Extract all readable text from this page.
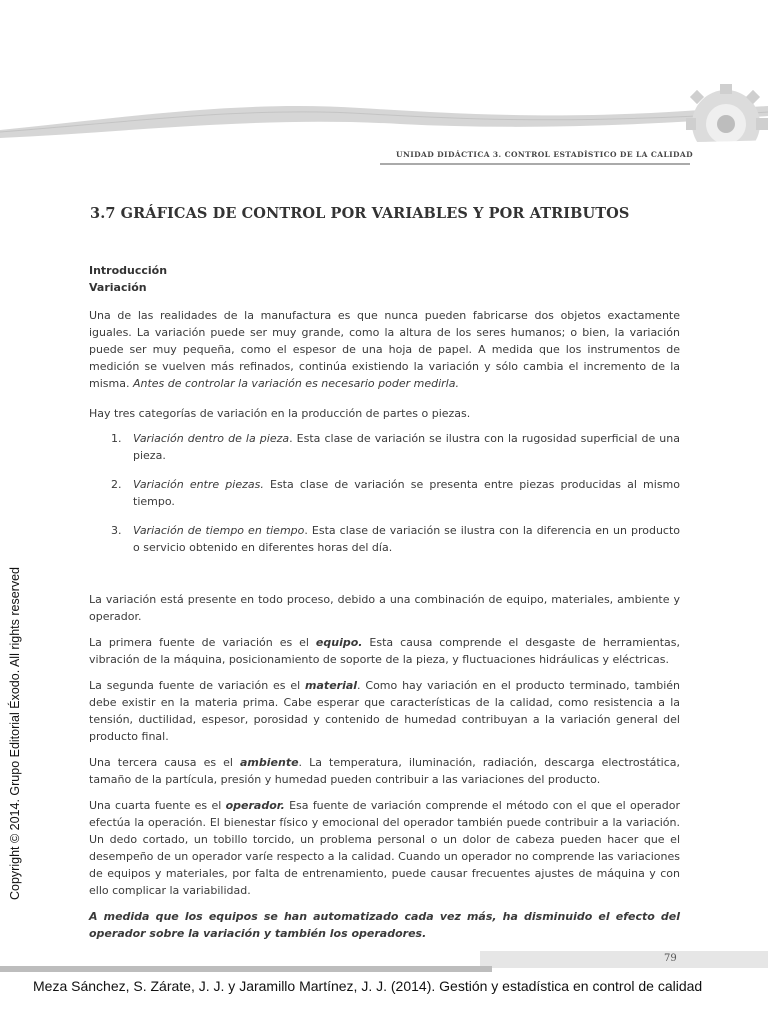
UNIDAD DIDÁCTICA 3. CONTROL ESTADÍSTICO DE LA CALIDAD
3.7 GRÁFICAS DE CONTROL POR VARIABLES Y POR ATRIBUTOS

Introducción

Variación

Una de las realidades de la manufactura es que nunca pueden fabricarse dos objetos exactamente iguales. La variación puede ser muy grande, como la altura de los seres humanos; o bien, la variación puede ser muy pequeña, como el espesor de una hoja de papel. A medida que los instrumentos de medición se vuelven más refinados, continúa existiendo la variación y sólo cambia el incremento de la misma. Antes de controlar la variación es necesario poder medirla.

Hay tres categorías de variación en la producción de partes o piezas.

1. Variación dentro de la pieza. Esta clase de variación se ilustra con la rugosidad superficial de una pieza.
2. Variación entre piezas. Esta clase de variación se presenta entre piezas producidas al mismo tiempo.
3. Variación de tiempo en tiempo. Esta clase de variación se ilustra con la diferencia en un producto o servicio obtenido en diferentes horas del día.

La variación está presente en todo proceso, debido a una combinación de equipo, materiales, ambiente y operador.

La primera fuente de variación es el equipo. Esta causa comprende el desgaste de herramientas, vibración de la máquina, posicionamiento de soporte de la pieza, y fluctuaciones hidráulicas y eléctricas.

La segunda fuente de variación es el material. Como hay variación en el producto terminado, también debe existir en la materia prima. Cabe esperar que características de la calidad, como resistencia a la tensión, ductilidad, espesor, porosidad y contenido de humedad contribuyan a la variación general del producto final.

Una tercera causa es el ambiente. La temperatura, iluminación, radiación, descarga electrostática, tamaño de la partícula, presión y humedad pueden contribuir a las variaciones del producto.

Una cuarta fuente es el operador. Esa fuente de variación comprende el método con el que el operador efectúa la operación. El bienestar físico y emocional del operador también puede contribuir a la variación. Un dedo cortado, un tobillo torcido, un problema personal o un dolor de cabeza pueden hacer que el desempeño de un operador varíe respecto a la calidad. Cuando un operador no comprende las variaciones de equipos y materiales, por falta de entrenamiento, puede causar frecuentes ajustes de máquina y con ello complicar la variabilidad.

A medida que los equipos se han automatizado cada vez más, ha disminuido el efecto del operador sobre la variación y también los operadores.

Copyright © 2014. Grupo Editorial Éxodo. All rights reserved
79
Meza Sánchez, S. Zárate, J. J. y Jaramillo Martínez, J. J. (2014). Gestión y estadística en control de calidad
